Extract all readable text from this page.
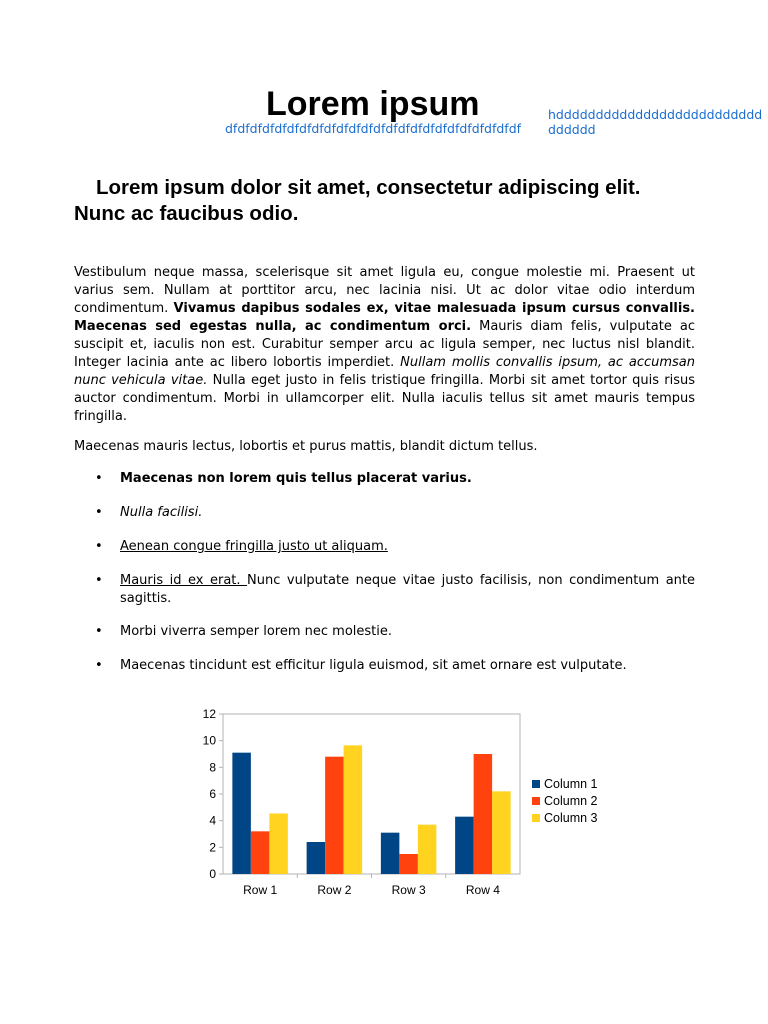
Lorem ipsum
dfdfdfdfdfdfdfdfdfdfdfdfdfdfdfdfdfdfdfdfdfdfdfdf
hdddddddddddddddddddddddddddddddd
Lorem ipsum dolor sit amet, consectetur adipiscing elit. Nunc ac faucibus odio.

Vestibulum neque massa, scelerisque sit amet ligula eu, congue molestie mi. Praesent ut varius sem. Nullam at porttitor arcu, nec lacinia nisi. Ut ac dolor vitae odio interdum condimentum. Vivamus dapibus sodales ex, vitae malesuada ipsum cursus convallis. Maecenas sed egestas nulla, ac condimentum orci. Mauris diam felis, vulputate ac suscipit et, iaculis non est. Curabitur semper arcu ac ligula semper, nec luctus nisl blandit. Integer lacinia ante ac libero lobortis imperdiet. Nullam mollis convallis ipsum, ac accumsan nunc vehicula vitae. Nulla eget justo in felis tristique fringilla. Morbi sit amet tortor quis risus auctor condimentum. Morbi in ullamcorper elit. Nulla iaculis tellus sit amet mauris tempus fringilla.

Maecenas mauris lectus, lobortis et purus mattis, blandit dictum tellus.

• Maecenas non lorem quis tellus placerat varius.
• Nulla facilisi.
• Aenean congue fringilla justo ut aliquam.
• Mauris id ex erat. Nunc vulputate neque vitae justo facilisis, non condimentum ante sagittis.
• Morbi viverra semper lorem nec molestie.
• Maecenas tincidunt est efficitur ligula euismod, sit amet ornare est vulputate.
0
2
4
6
8
10
12
Row 1	Row 2	Row 3	Row 4
Column 1
Column 2
Column 3
